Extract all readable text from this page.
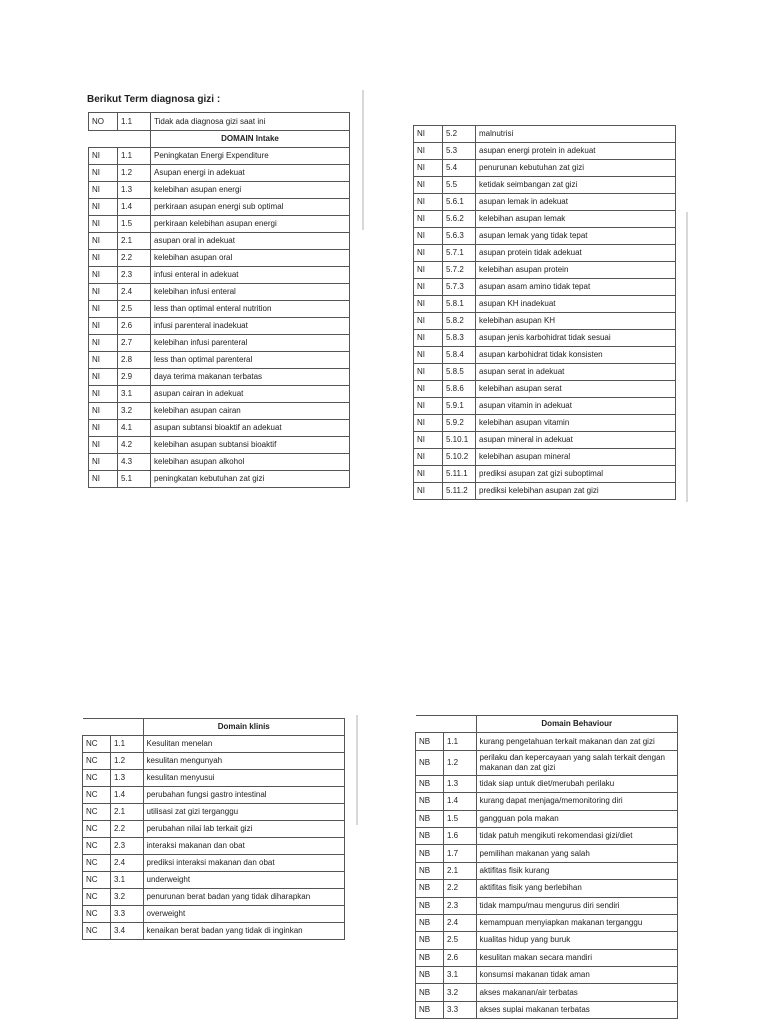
Berikut Term diagnosa gizi :
NO	1.1	Tidak ada diagnosa gizi saat ini
		DOMAIN Intake
NI	1.1	Peningkatan Energi Expenditure
NI	1.2	Asupan energi in adekuat
NI	1.3	kelebihan asupan energi
NI	1.4	perkiraan asupan energi sub optimal
NI	1.5	perkiraan kelebihan asupan energi
NI	2.1	asupan oral in adekuat
NI	2.2	kelebihan asupan oral
NI	2.3	infusi enteral in adekuat
NI	2.4	kelebihan infusi enteral
NI	2.5	less than optimal enteral nutrition
NI	2.6	infusi parenteral inadekuat
NI	2.7	kelebihan infusi parenteral
NI	2.8	less than optimal parenteral
NI	2.9	daya terima makanan terbatas
NI	3.1	asupan cairan in adekuat
NI	3.2	kelebihan asupan cairan
NI	4.1	asupan subtansi bioaktif an adekuat
NI	4.2	kelebihan asupan subtansi bioaktif
NI	4.3	kelebihan asupan alkohol
NI	5.1	peningkatan kebutuhan zat gizi
NI	5.2	malnutrisi
NI	5.3	asupan energi protein in adekuat
NI	5.4	penurunan kebutuhan zat gizi
NI	5.5	ketidak seimbangan zat gizi
NI	5.6.1	asupan lemak in adekuat
NI	5.6.2	kelebihan asupan lemak
NI	5.6.3	asupan lemak yang tidak tepat
NI	5.7.1	asupan protein tidak adekuat
NI	5.7.2	kelebihan asupan protein
NI	5.7.3	asupan asam amino tidak tepat
NI	5.8.1	asupan KH inadekuat
NI	5.8.2	kelebihan asupan KH
NI	5.8.3	asupan jenis karbohidrat tidak sesuai
NI	5.8.4	asupan karbohidrat tidak konsisten
NI	5.8.5	asupan serat in adekuat
NI	5.8.6	kelebihan asupan serat
NI	5.9.1	asupan vitamin in adekuat
NI	5.9.2	kelebihan asupan vitamin
NI	5.10.1	asupan mineral in adekuat
NI	5.10.2	kelebihan asupan mineral
NI	5.11.1	prediksi asupan zat gizi suboptimal
NI	5.11.2	prediksi kelebihan asupan zat gizi
		Domain klinis
NC	1.1	Kesulitan menelan
NC	1.2	kesulitan mengunyah
NC	1.3	kesulitan menyusui
NC	1.4	perubahan fungsi gastro intestinal
NC	2.1	utilisasi zat gizi terganggu
NC	2.2	perubahan nilai lab terkait gizi
NC	2.3	interaksi makanan dan obat
NC	2.4	prediksi interaksi makanan dan obat
NC	3.1	underweight
NC	3.2	penurunan berat badan yang tidak diharapkan
NC	3.3	overweight
NC	3.4	kenaikan berat badan yang tidak di inginkan
		Domain Behaviour
NB	1.1	kurang pengetahuan terkait makanan dan zat gizi
NB	1.2	perilaku dan kepercayaan yang salah terkait dengan makanan dan zat gizi
NB	1.3	tidak siap untuk diet/merubah perilaku
NB	1.4	kurang dapat menjaga/memonitoring diri
NB	1.5	gangguan pola makan
NB	1.6	tidak patuh mengikuti rekomendasi gizi/diet
NB	1.7	pemilihan makanan yang salah
NB	2.1	aktifitas fisik kurang
NB	2.2	aktifitas fisik yang berlebihan
NB	2.3	tidak mampu/mau mengurus diri sendiri
NB	2.4	kemampuan menyiapkan makanan terganggu
NB	2.5	kualitas hidup yang buruk
NB	2.6	kesulitan makan secara mandiri
NB	3.1	konsumsi makanan tidak aman
NB	3.2	akses makanan/air terbatas
NB	3.3	akses suplai makanan terbatas
